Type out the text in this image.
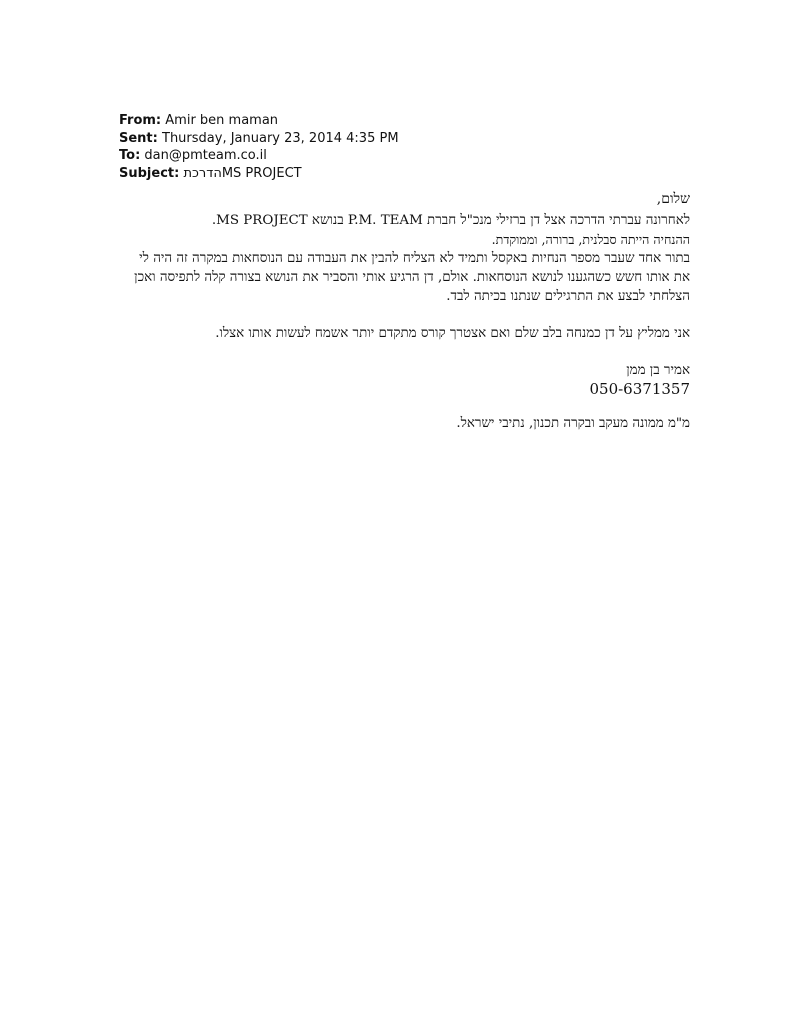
From: Amir ben maman
Sent: Thursday, January 23, 2014 4:35 PM
To: dan@pmteam.co.il
Subject: הדרכתMS PROJECT

שלום,

לאחרונה עברתי הדרכה אצל דן ברזילי מנכ"ל חברת P.M. TEAM בנושא MS PROJECT.

ההנחיה הייתה סבלנית, ברורה, וממוקדת.

בתור אחד שעבר מספר הנחיות באקסל ותמיד לא הצליח להבין את העבודה עם הנוסחאות במקרה זה היה לי

את אותו חשש כשהגענו לנושא הנוסחאות. אולם, דן הרגיע אותי והסביר את הנושא בצורה קלה לתפיסה ואכן

הצלחתי לבצע את התרגילים שנתנו בכיתה לבד.

אני ממליץ על דן כמנחה בלב שלם ואם אצטרך קורס מתקדם יותר אשמח לעשות אותו אצלו.

אמיר בן ממן

050-6371357

מ"מ ממונה מעקב ובקרה תכנון, נתיבי ישראל.
